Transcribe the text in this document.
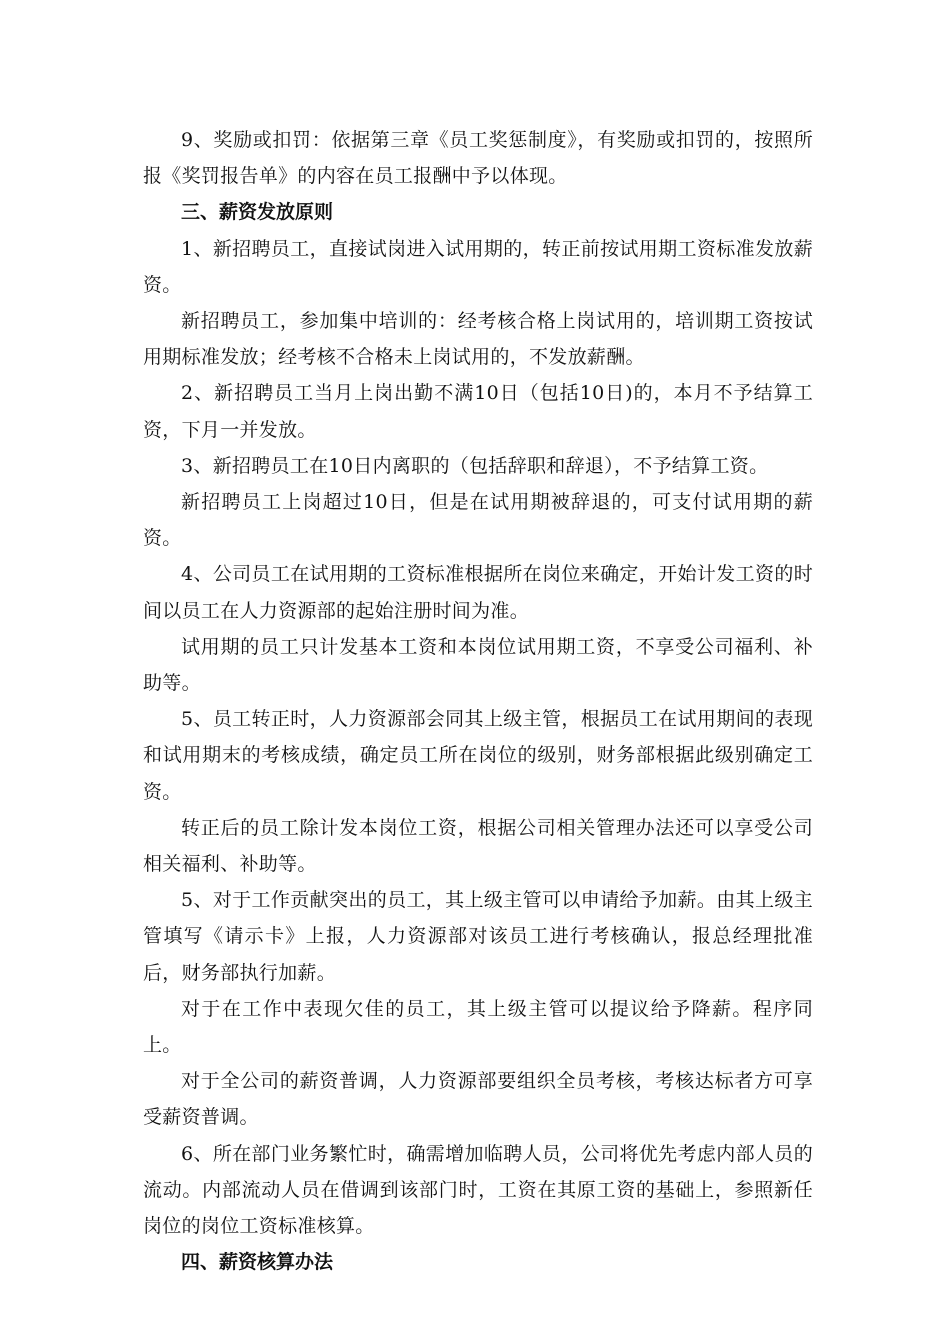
9、奖励或扣罚：依据第三章《员工奖惩制度》，有奖励或扣罚的，按照所报《奖罚报告单》的内容在员工报酬中予以体现。

三、薪资发放原则

1、新招聘员工，直接试岗进入试用期的，转正前按试用期工资标准发放薪资。

新招聘员工，参加集中培训的：经考核合格上岗试用的，培训期工资按试用期标准发放；经考核不合格未上岗试用的，不发放薪酬。

2、新招聘员工当月上岗出勤不满10日（包括10日)的，本月不予结算工资，下月一并发放。

3、新招聘员工在10日内离职的（包括辞职和辞退），不予结算工资。

新招聘员工上岗超过10日，但是在试用期被辞退的，可支付试用期的薪资。

4、公司员工在试用期的工资标准根据所在岗位来确定，开始计发工资的时间以员工在人力资源部的起始注册时间为准。

试用期的员工只计发基本工资和本岗位试用期工资，不享受公司福利、补助等。

5、员工转正时，人力资源部会同其上级主管，根据员工在试用期间的表现和试用期末的考核成绩，确定员工所在岗位的级别，财务部根据此级别确定工资。

转正后的员工除计发本岗位工资，根据公司相关管理办法还可以享受公司相关福利、补助等。

5、对于工作贡献突出的员工，其上级主管可以申请给予加薪。由其上级主管填写《请示卡》上报，人力资源部对该员工进行考核确认，报总经理批准后，财务部执行加薪。

对于在工作中表现欠佳的员工，其上级主管可以提议给予降薪。程序同上。

对于全公司的薪资普调，人力资源部要组织全员考核，考核达标者方可享受薪资普调。

6、所在部门业务繁忙时，确需增加临聘人员，公司将优先考虑内部人员的流动。内部流动人员在借调到该部门时，工资在其原工资的基础上，参照新任岗位的岗位工资标准核算。

四、薪资核算办法
